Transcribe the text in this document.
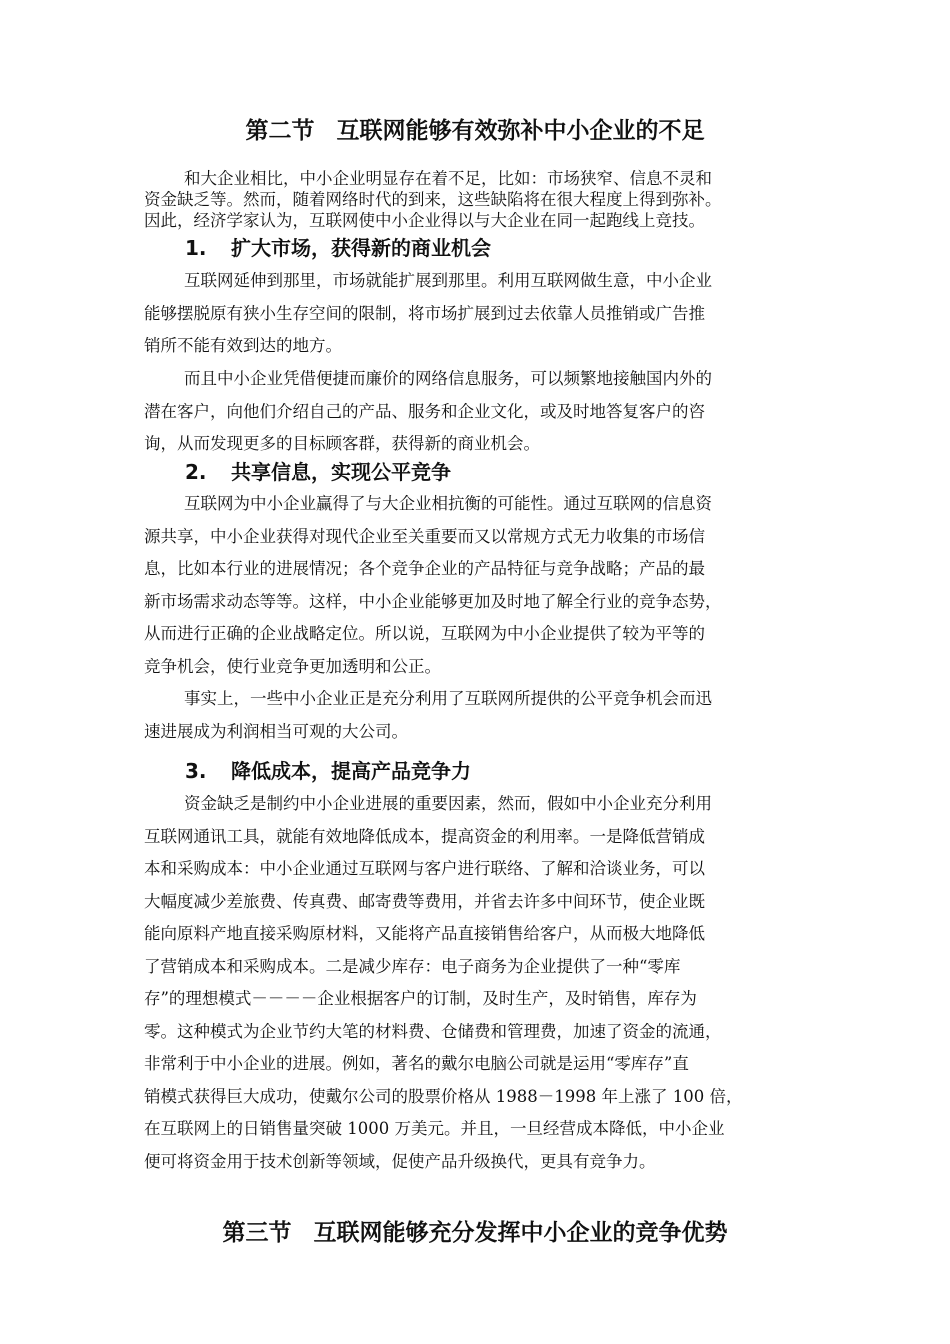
第二节 互联网能够有效弥补中小企业的不足
和大企业相比，中小企业明显存在着不足，比如：市场狭窄、信息不灵和
资金缺乏等。然而，随着网络时代的到来，这些缺陷将在很大程度上得到弥补。
因此，经济学家认为，互联网使中小企业得以与大企业在同一起跑线上竞技。
1. 扩大市场，获得新的商业机会
互联网延伸到那里，市场就能扩展到那里。利用互联网做生意，中小企业
能够摆脱原有狭小生存空间的限制，将市场扩展到过去依靠人员推销或广告推
销所不能有效到达的地方。
而且中小企业凭借便捷而廉价的网络信息服务，可以频繁地接触国内外的
潜在客户，向他们介绍自己的产品、服务和企业文化，或及时地答复客户的咨
询，从而发现更多的目标顾客群，获得新的商业机会。
2. 共享信息，实现公平竞争
互联网为中小企业赢得了与大企业相抗衡的可能性。通过互联网的信息资
源共享，中小企业获得对现代企业至关重要而又以常规方式无力收集的市场信
息，比如本行业的进展情况；各个竞争企业的产品特征与竞争战略；产品的最
新市场需求动态等等。这样，中小企业能够更加及时地了解全行业的竞争态势，
从而进行正确的企业战略定位。所以说，互联网为中小企业提供了较为平等的
竞争机会，使行业竞争更加透明和公正。
事实上，一些中小企业正是充分利用了互联网所提供的公平竞争机会而迅
速进展成为利润相当可观的大公司。
3. 降低成本，提高产品竞争力
资金缺乏是制约中小企业进展的重要因素，然而，假如中小企业充分利用
互联网通讯工具，就能有效地降低成本，提高资金的利用率。一是降低营销成
本和采购成本：中小企业通过互联网与客户进行联络、了解和洽谈业务，可以
大幅度减少差旅费、传真费、邮寄费等费用，并省去许多中间环节，使企业既
能向原料产地直接采购原材料，又能将产品直接销售给客户，从而极大地降低
了营销成本和采购成本。二是减少库存：电子商务为企业提供了一种“零库
存”的理想模式－－－－企业根据客户的订制，及时生产，及时销售，库存为
零。这种模式为企业节约大笔的材料费、仓储费和管理费，加速了资金的流通，
非常利于中小企业的进展。例如，著名的戴尔电脑公司就是运用“零库存”直
销模式获得巨大成功，使戴尔公司的股票价格从 1988－1998 年上涨了 100 倍，
在互联网上的日销售量突破 1000 万美元。并且，一旦经营成本降低，中小企业
便可将资金用于技术创新等领域，促使产品升级换代，更具有竞争力。
第三节 互联网能够充分发挥中小企业的竞争优势
